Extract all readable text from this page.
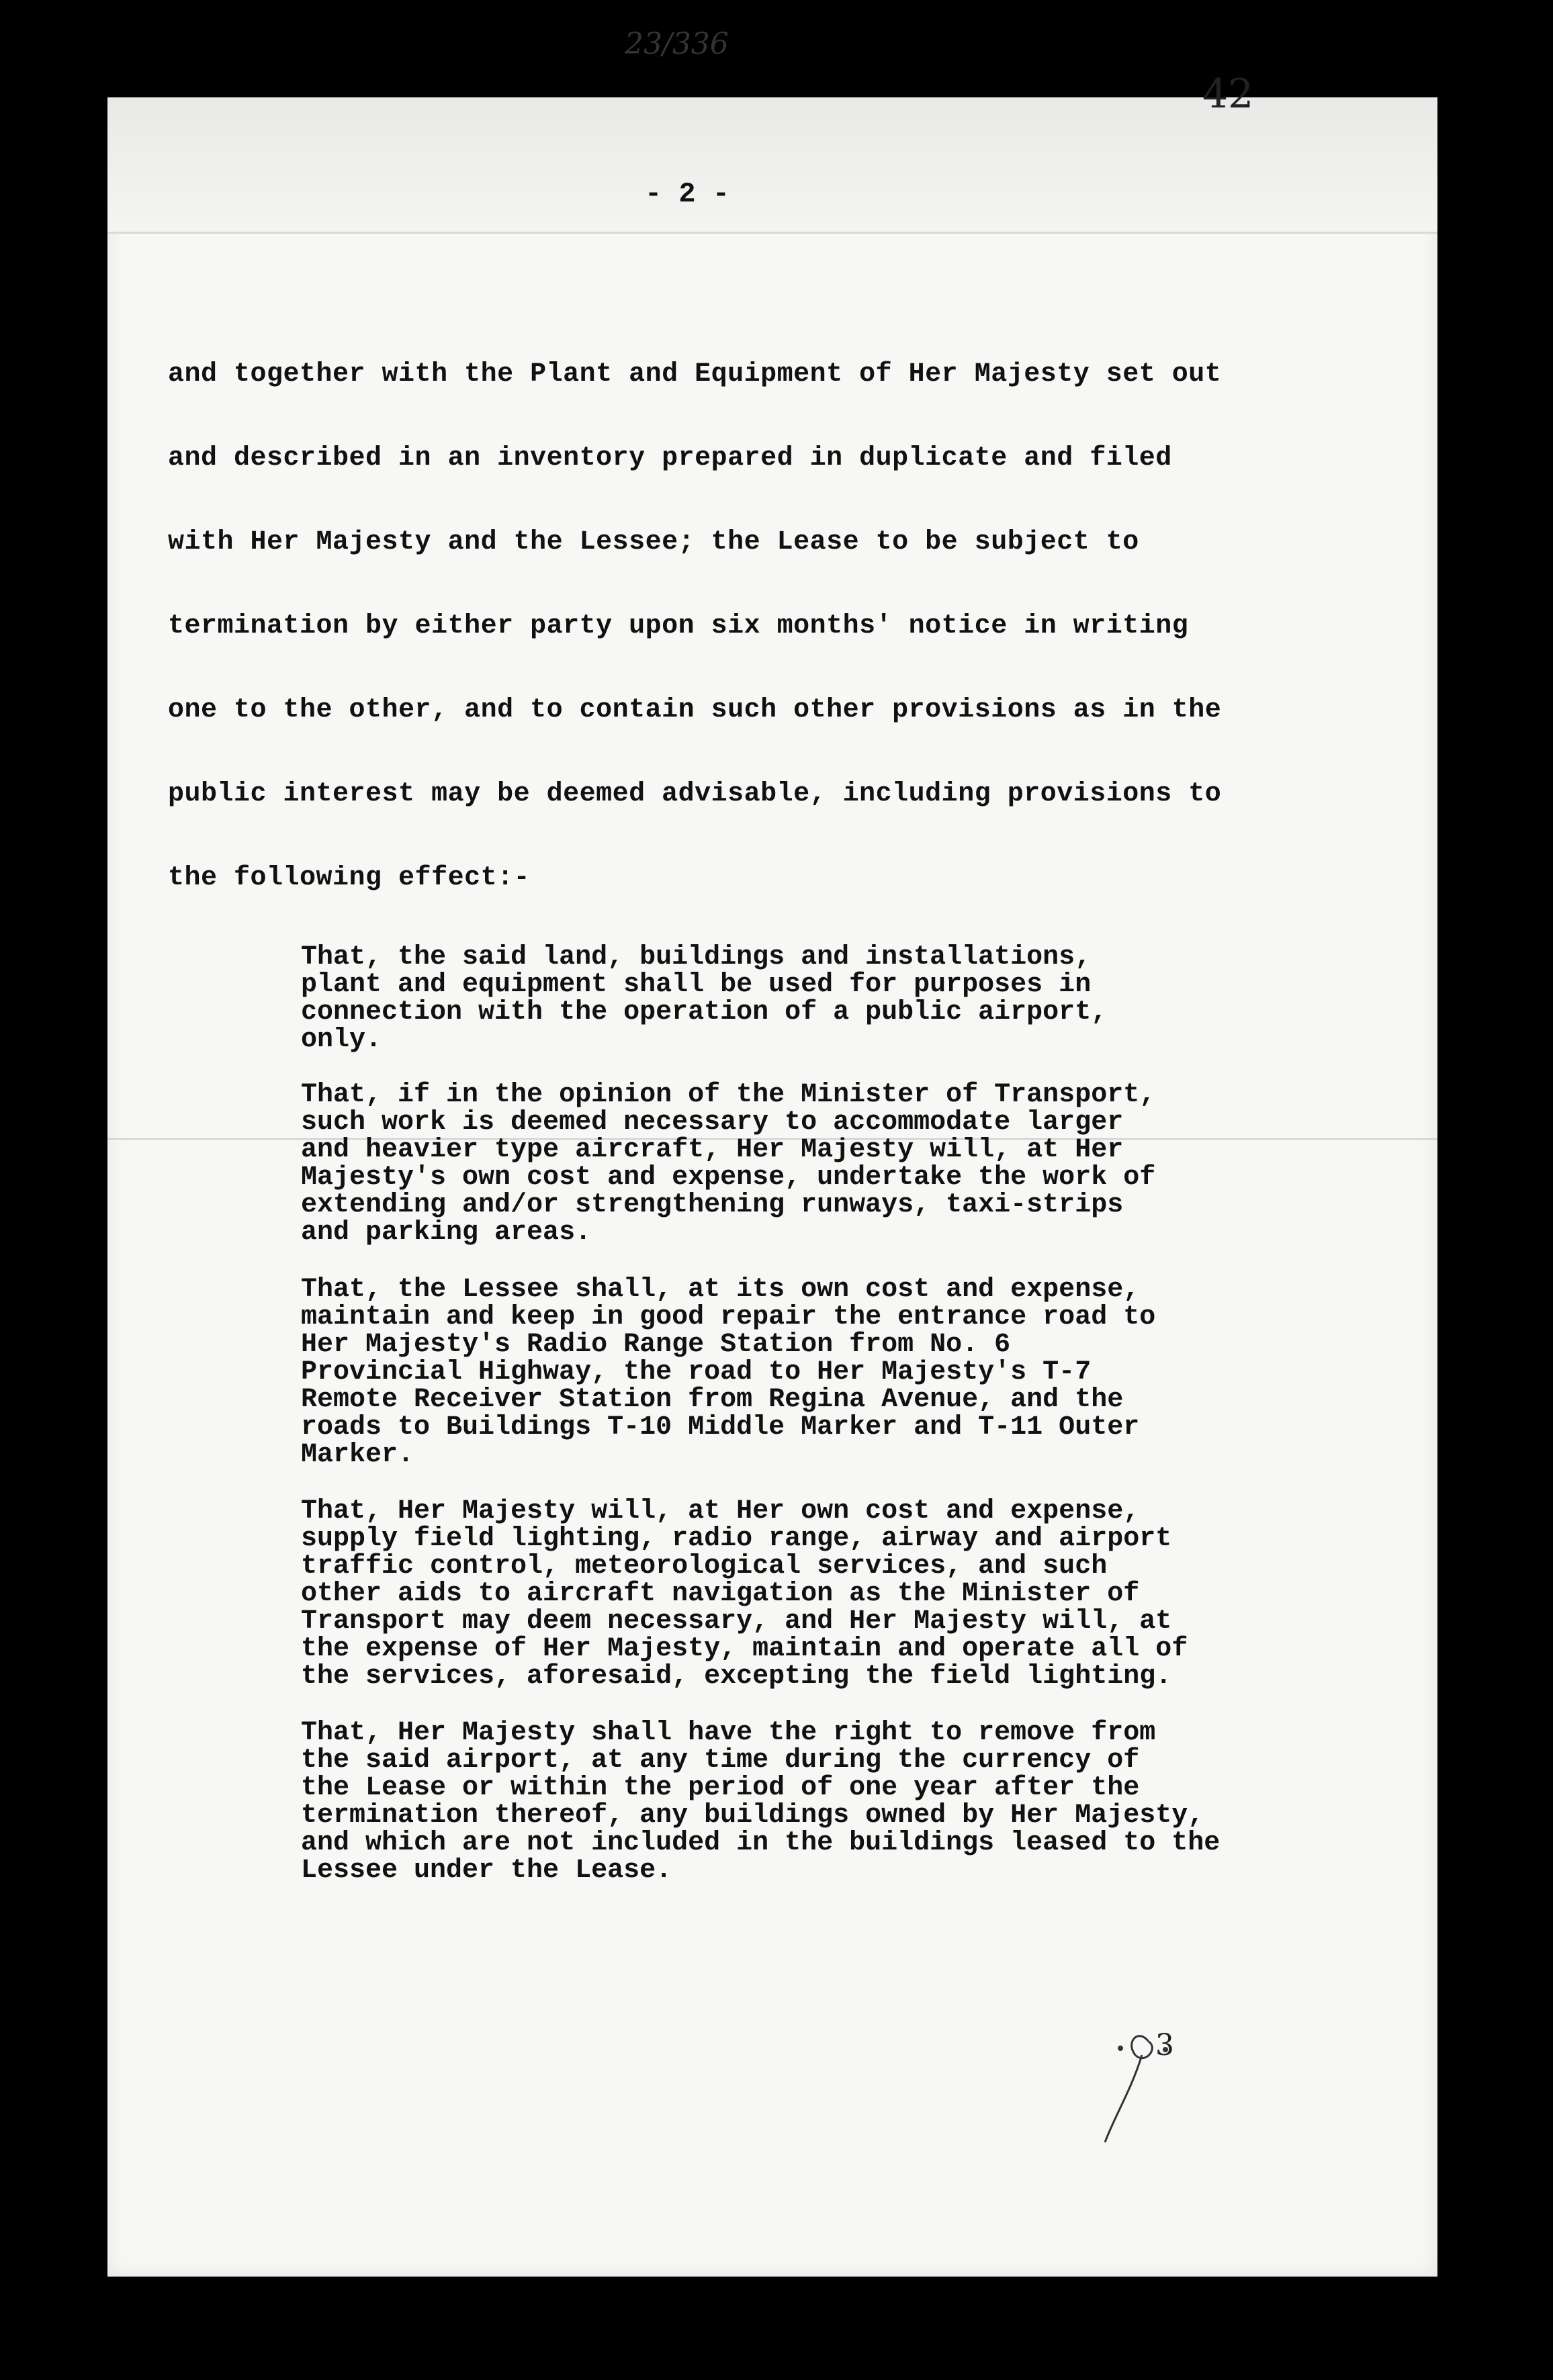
23/336
42
- 2 -
and together with the Plant and Equipment of Her Majesty set out
and described in an inventory prepared in duplicate and filed
with Her Majesty and the Lessee; the Lease to be subject to
termination by either party upon six months' notice in writing
one to the other, and to contain such other provisions as in the
public interest may be deemed advisable, including provisions to
the following effect:-
That, the said land, buildings and installations,
plant and equipment shall be used for purposes in
connection with the operation of a public airport,
only.
That, if in the opinion of the Minister of Transport,
such work is deemed necessary to accommodate larger
and heavier type aircraft, Her Majesty will, at Her
Majesty's own cost and expense, undertake the work of
extending and/or strengthening runways, taxi-strips
and parking areas.
That, the Lessee shall, at its own cost and expense,
maintain and keep in good repair the entrance road to
Her Majesty's Radio Range Station from No. 6
Provincial Highway, the road to Her Majesty's T-7
Remote Receiver Station from Regina Avenue, and the
roads to Buildings T-10 Middle Marker and T-11 Outer
Marker.
That, Her Majesty will, at Her own cost and expense,
supply field lighting, radio range, airway and airport
traffic control, meteorological services, and such
other aids to aircraft navigation as the Minister of
Transport may deem necessary, and Her Majesty will, at
the expense of Her Majesty, maintain and operate all of
the services, aforesaid, excepting the field lighting.
That, Her Majesty shall have the right to remove from
the said airport, at any time during the currency of
the Lease or within the period of one year after the
termination thereof, any buildings owned by Her Majesty,
and which are not included in the buildings leased to the
Lessee under the Lease.
3
